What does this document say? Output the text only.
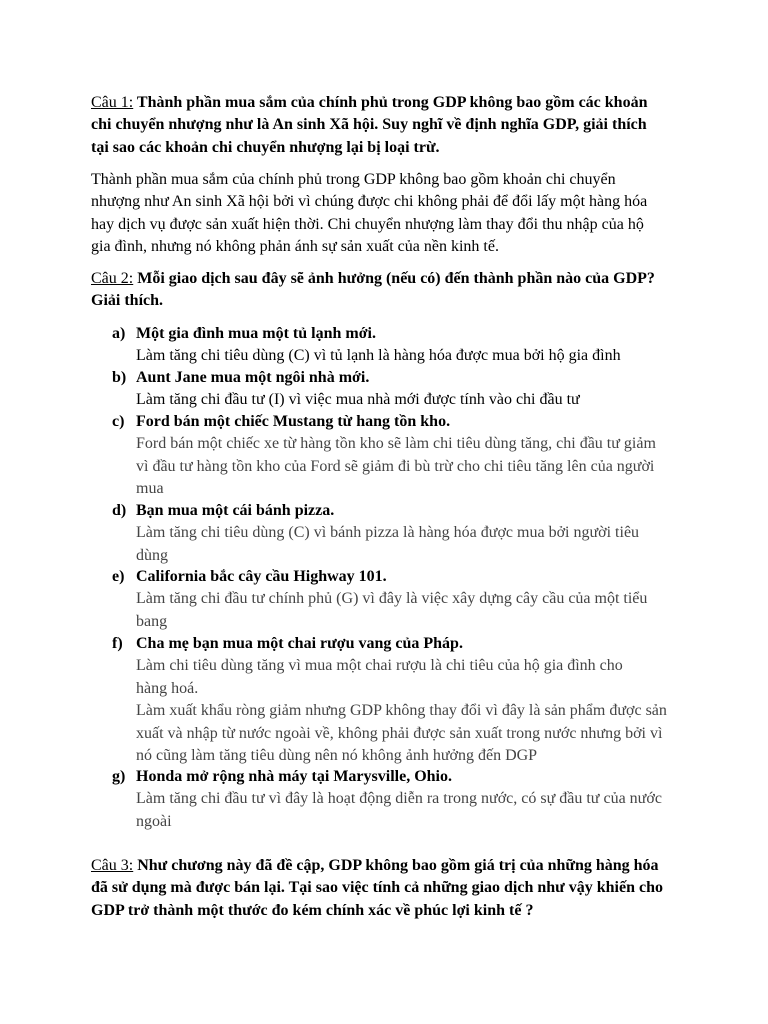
Câu 1: Thành phần mua sắm của chính phủ trong GDP không bao gồm các khoản
chi chuyển nhượng như là An sinh Xã hội. Suy nghĩ về định nghĩa GDP, giải thích
tại sao các khoản chi chuyển nhượng lại bị loại trừ.
Thành phần mua sắm của chính phủ trong GDP không bao gồm khoản chi chuyển
nhượng như An sinh Xã hội bởi vì chúng được chi không phải để đổi lấy một hàng hóa
hay dịch vụ được sản xuất hiện thời. Chi chuyển nhượng làm thay đổi thu nhập của hộ
gia đình, nhưng nó không phản ánh sự sản xuất của nền kinh tế.
Câu 2: Mỗi giao dịch sau đây sẽ ảnh hưởng (nếu có) đến thành phần nào của GDP?
Giải thích.
a) Một gia đình mua một tủ lạnh mới.
Làm tăng chi tiêu dùng (C) vì tủ lạnh là hàng hóa được mua bởi hộ gia đình
b) Aunt Jane mua một ngôi nhà mới.
Làm tăng chi đầu tư (I) vì việc mua nhà mới được tính vào chi đầu tư
c) Ford bán một chiếc Mustang từ hang tồn kho.
Ford bán một chiếc xe từ hàng tồn kho sẽ làm chi tiêu dùng tăng, chi đầu tư giảm
vì đầu tư hàng tồn kho của Ford sẽ giảm đi bù trừ cho chi tiêu tăng lên của người
mua
d) Bạn mua một cái bánh pizza.
Làm tăng chi tiêu dùng (C) vì bánh pizza là hàng hóa được mua bởi người tiêu
dùng
e) California bắc cây cầu Highway 101.
Làm tăng chi đầu tư chính phủ (G) vì đây là việc xây dựng cây cầu của một tiểu
bang
f) Cha mẹ bạn mua một chai rượu vang của Pháp.
Làm chi tiêu dùng tăng vì mua một chai rượu là chi tiêu của hộ gia đình cho
hàng hoá.
Làm xuất khẩu ròng giảm nhưng GDP không thay đổi vì đây là sản phẩm được sản
xuất và nhập từ nước ngoài về, không phải được sản xuất trong nước nhưng bởi vì
nó cũng làm tăng tiêu dùng nên nó không ảnh hưởng đến DGP
g) Honda mở rộng nhà máy tại Marysville, Ohio.
Làm tăng chi đầu tư vì đây là hoạt động diễn ra trong nước, có sự đầu tư của nước
ngoài
Câu 3: Như chương này đã đề cập, GDP không bao gồm giá trị của những hàng hóa
đã sử dụng mà được bán lại. Tại sao việc tính cả những giao dịch như vậy khiến cho
GDP trở thành một thước đo kém chính xác về phúc lợi kinh tế ?
